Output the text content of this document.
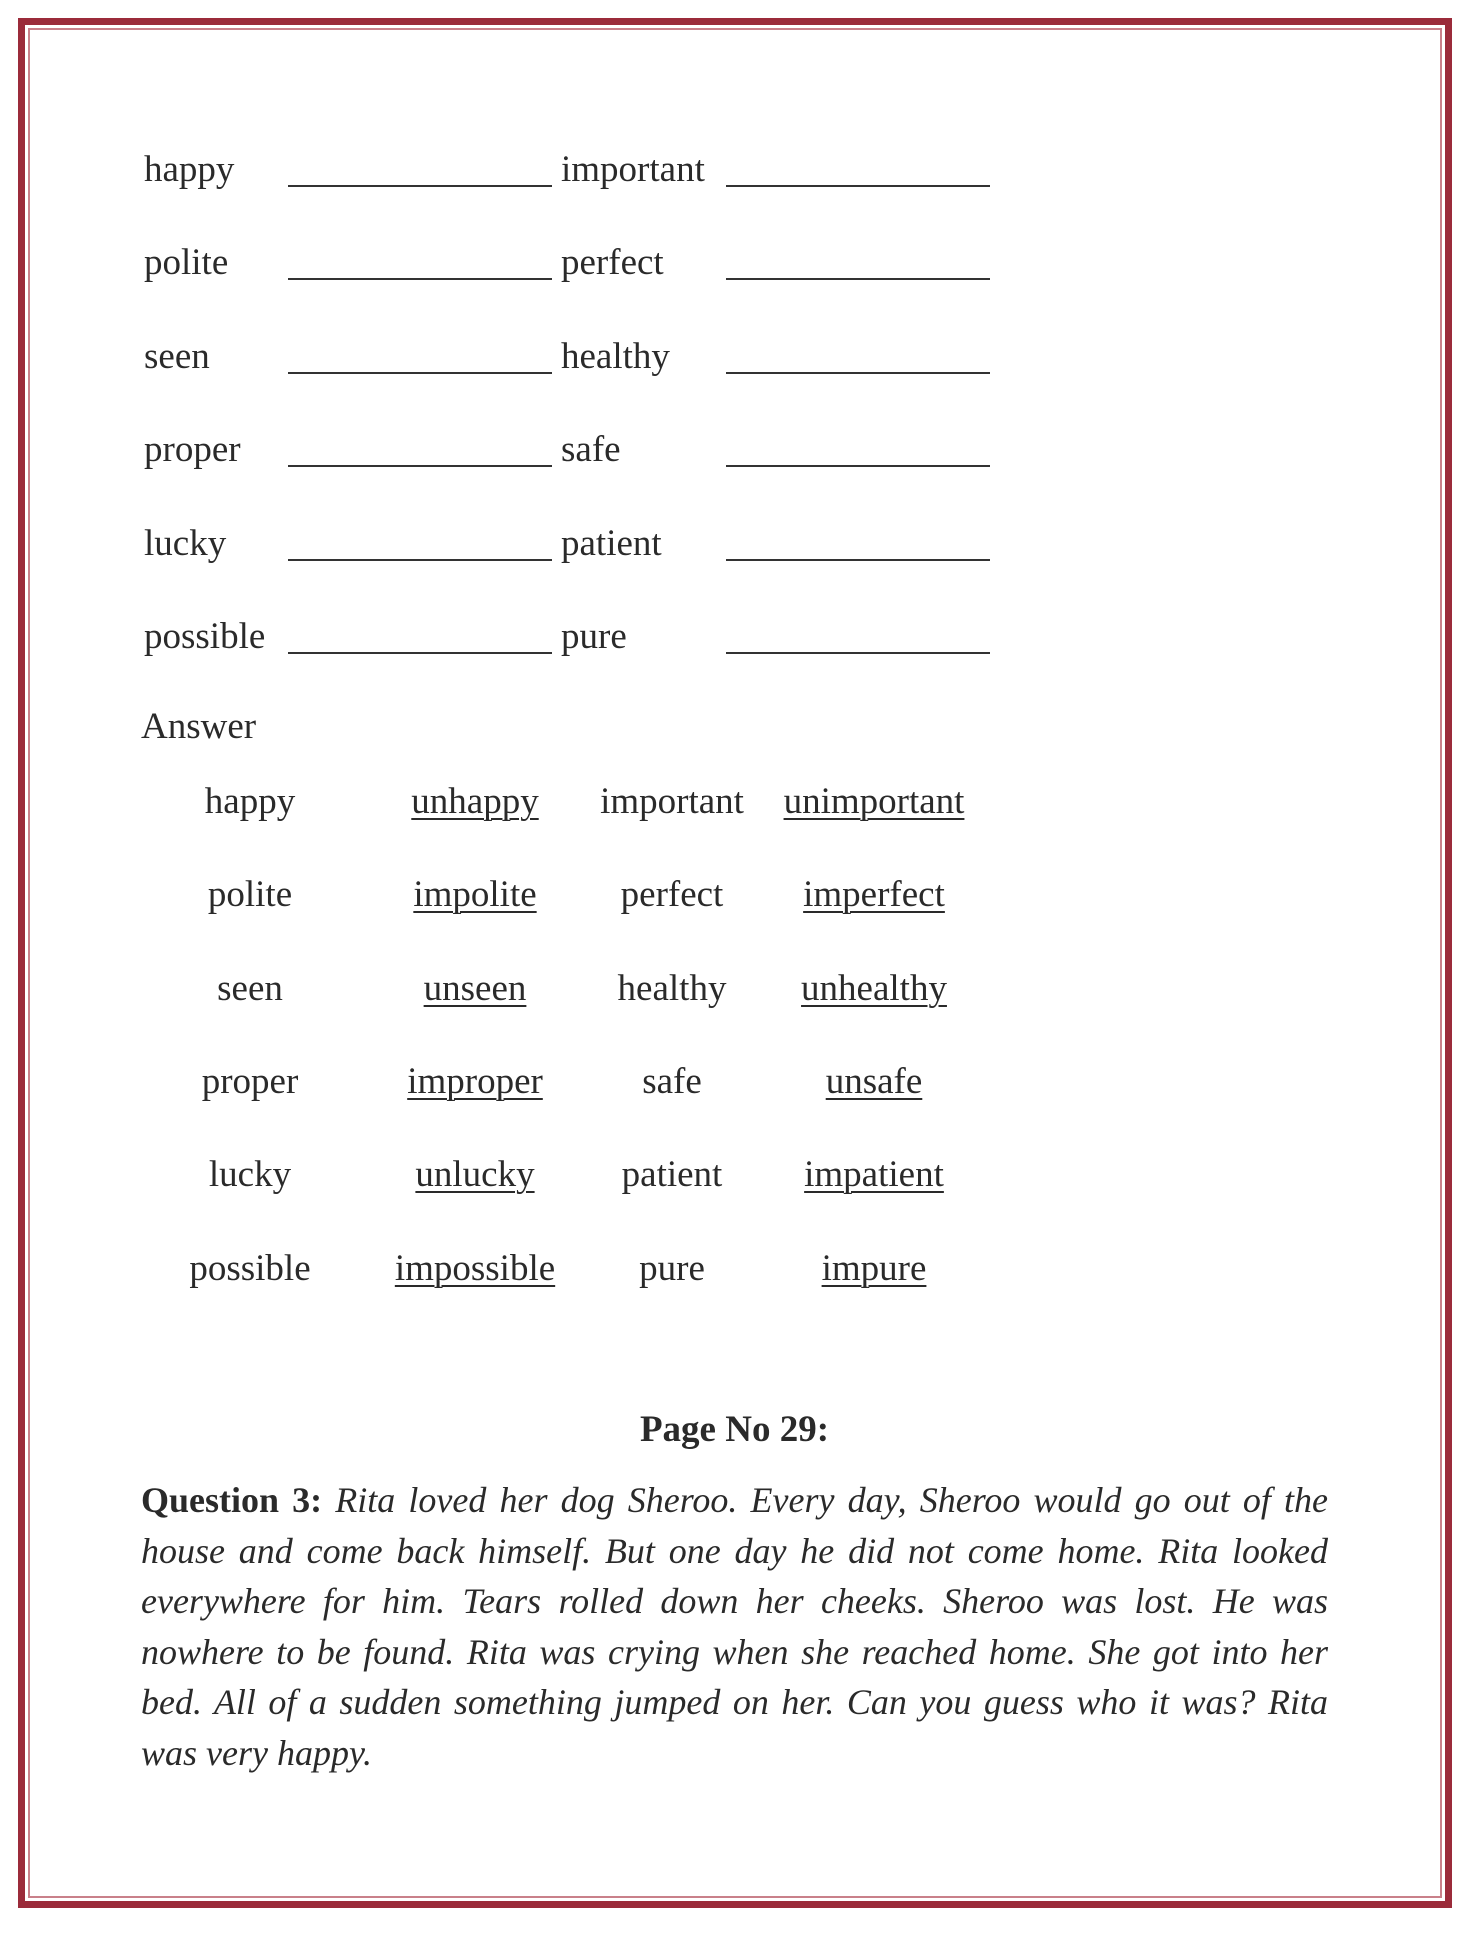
happy	important
polite	perfect
seen	healthy
proper	safe
lucky	patient
possible	pure
Answer
happy	unhappy	important	unimportant
polite	impolite	perfect	imperfect
seen	unseen	healthy	unhealthy
proper	improper	safe	unsafe
lucky	unlucky	patient	impatient
possible	impossible	pure	impure
Page No 29:
Question 3: Rita loved her dog Sheroo. Every day, Sheroo would go out of the house and come back himself. But one day he did not come home. Rita looked everywhere for him. Tears rolled down her cheeks. Sheroo was lost. He was nowhere to be found. Rita was crying when she reached home. She got into her bed. All of a sudden something jumped on her. Can you guess who it was? Rita was very happy.
